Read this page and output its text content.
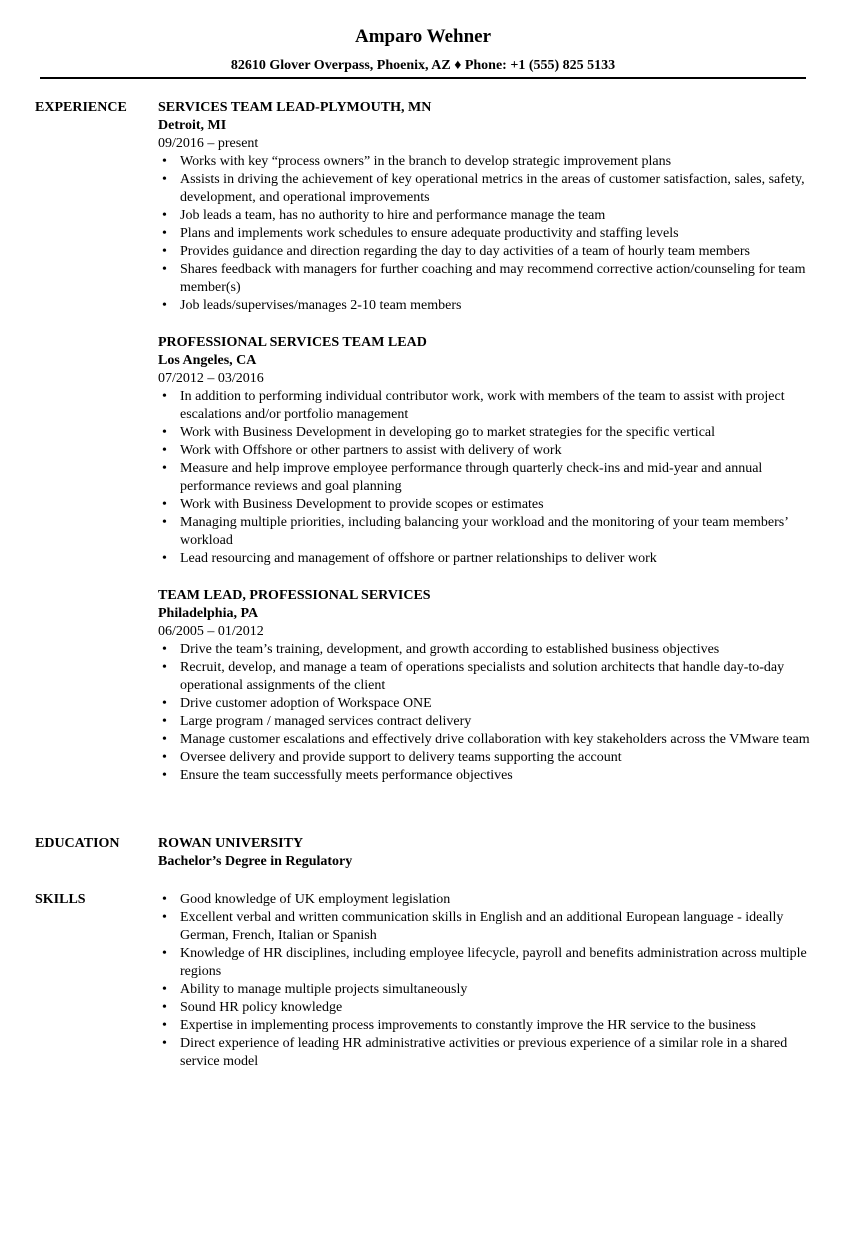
Amparo Wehner
82610 Glover Overpass, Phoenix, AZ ♦ Phone: +1 (555) 825 5133
EXPERIENCE	SERVICES TEAM LEAD-PLYMOUTH, MN
Detroit, MI
09/2016 – present
• Works with key “process owners” in the branch to develop strategic improvement plans
• Assists in driving the achievement of key operational metrics in the areas of customer satisfaction, sales, safety, development, and operational improvements
• Job leads a team, has no authority to hire and performance manage the team
• Plans and implements work schedules to ensure adequate productivity and staffing levels
• Provides guidance and direction regarding the day to day activities of a team of hourly team members
• Shares feedback with managers for further coaching and may recommend corrective action/counseling for team member(s)
• Job leads/supervises/manages 2-10 team members
PROFESSIONAL SERVICES TEAM LEAD
Los Angeles, CA
07/2012 – 03/2016
• In addition to performing individual contributor work, work with members of the team to assist with project escalations and/or portfolio management
• Work with Business Development in developing go to market strategies for the specific vertical
• Work with Offshore or other partners to assist with delivery of work
• Measure and help improve employee performance through quarterly check-ins and mid-year and annual performance reviews and goal planning
• Work with Business Development to provide scopes or estimates
• Managing multiple priorities, including balancing your workload and the monitoring of your team members’ workload
• Lead resourcing and management of offshore or partner relationships to deliver work
TEAM LEAD, PROFESSIONAL SERVICES
Philadelphia, PA
06/2005 – 01/2012
• Drive the team’s training, development, and growth according to established business objectives
• Recruit, develop, and manage a team of operations specialists and solution architects that handle day-to-day operational assignments of the client
• Drive customer adoption of Workspace ONE
• Large program / managed services contract delivery
• Manage customer escalations and effectively drive collaboration with key stakeholders across the VMware team
• Oversee delivery and provide support to delivery teams supporting the account
• Ensure the team successfully meets performance objectives
EDUCATION	ROWAN UNIVERSITY
Bachelor’s Degree in Regulatory
SKILLS
•	Good knowledge of UK employment legislation
• Excellent verbal and written communication skills in English and an additional European language - ideally German, French, Italian or Spanish
• Knowledge of HR disciplines, including employee lifecycle, payroll and benefits administration across multiple regions
• Ability to manage multiple projects simultaneously
• Sound HR policy knowledge
• Expertise in implementing process improvements to constantly improve the HR service to the business
• Direct experience of leading HR administrative activities or previous experience of a similar role in a shared service model
